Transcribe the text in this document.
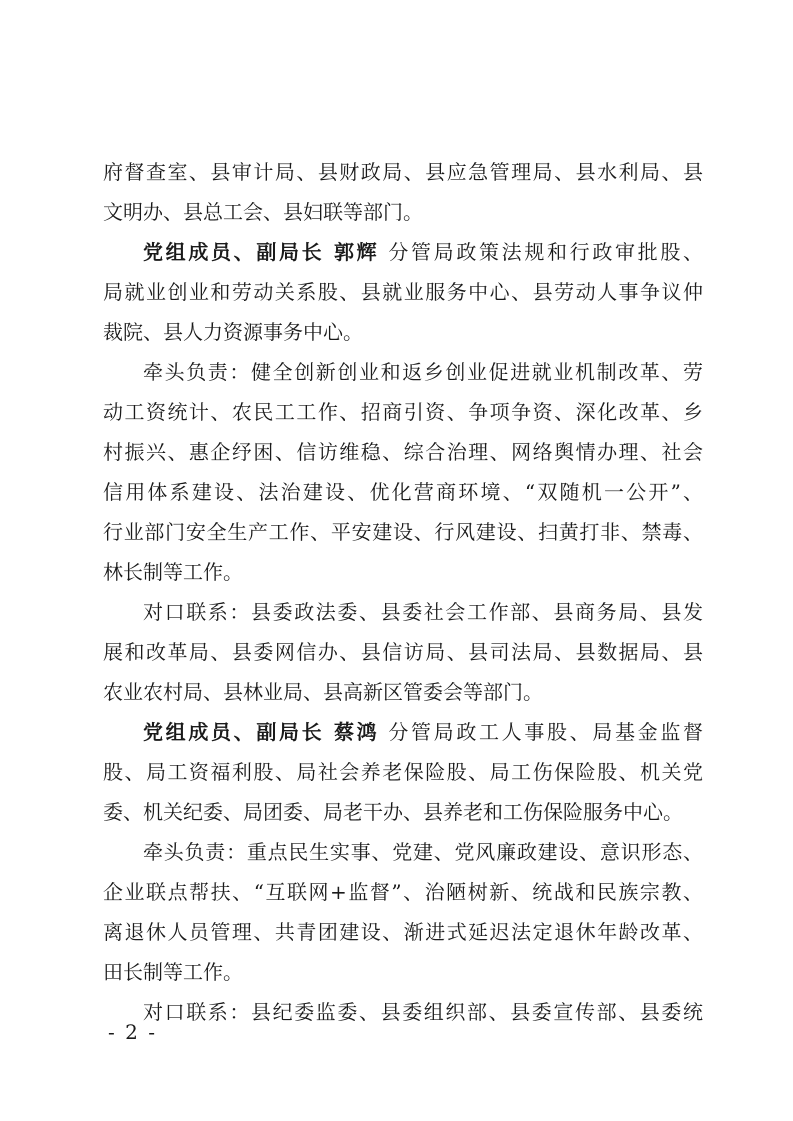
府督查室、县审计局、县财政局、县应急管理局、县水利局、县
文明办、县总工会、县妇联等部门。
党组成员、副局长 郭辉 分管局政策法规和行政审批股、
局就业创业和劳动关系股、县就业服务中心、县劳动人事争议仲
裁院、县人力资源事务中心。
牵头负责：健全创新创业和返乡创业促进就业机制改革、劳
动工资统计、农民工工作、招商引资、争项争资、深化改革、乡
村振兴、惠企纾困、信访维稳、综合治理、网络舆情办理、社会
信用体系建设、法治建设、优化营商环境、“双随机一公开”、
行业部门安全生产工作、平安建设、行风建设、扫黄打非、禁毒、
林长制等工作。
对口联系：县委政法委、县委社会工作部、县商务局、县发
展和改革局、县委网信办、县信访局、县司法局、县数据局、县
农业农村局、县林业局、县高新区管委会等部门。
党组成员、副局长 蔡鸿 分管局政工人事股、局基金监督
股、局工资福利股、局社会养老保险股、局工伤保险股、机关党
委、机关纪委、局团委、局老干办、县养老和工伤保险服务中心。
牵头负责：重点民生实事、党建、党风廉政建设、意识形态、
企业联点帮扶、“互联网+监督”、治陋树新、统战和民族宗教、
离退休人员管理、共青团建设、渐进式延迟法定退休年龄改革、
田长制等工作。
对口联系：县纪委监委、县委组织部、县委宣传部、县委统
- 2 -
